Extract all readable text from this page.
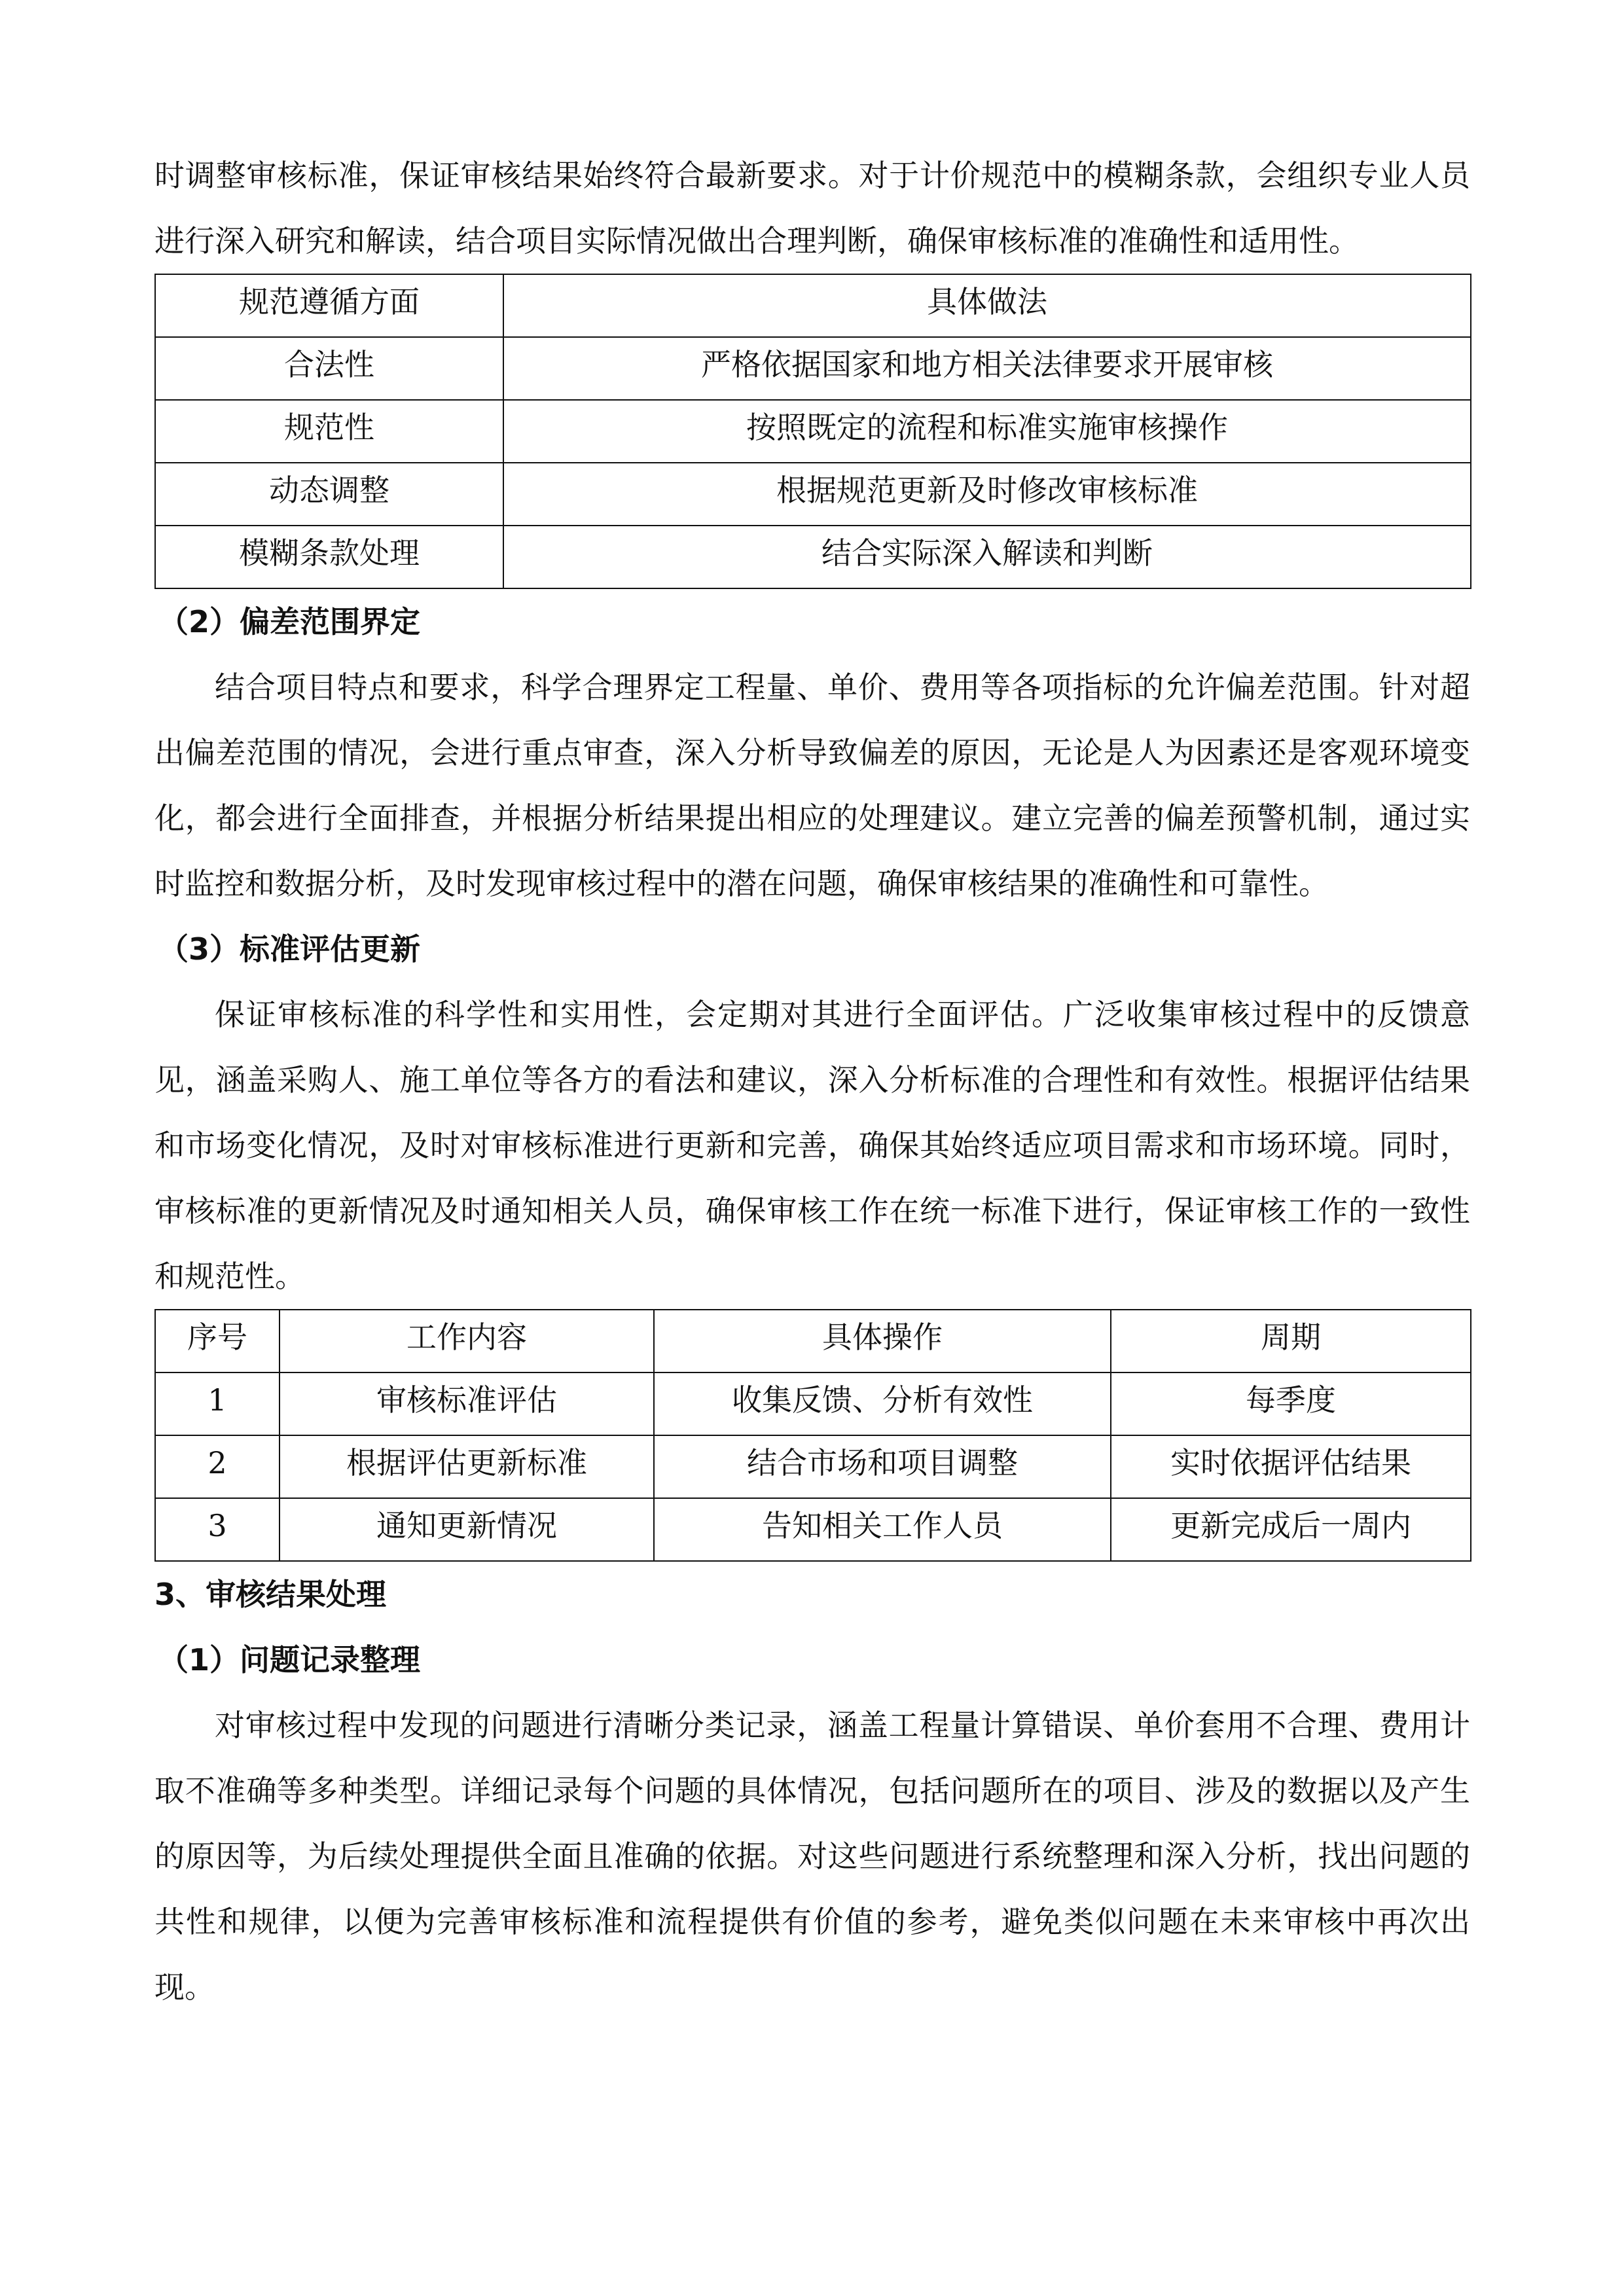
时调整审核标准，保证审核结果始终符合最新要求。对于计价规范中的模糊条款，会组织专业人员进行深入研究和解读，结合项目实际情况做出合理判断，确保审核标准的准确性和适用性。

规范遵循方面	具体做法
合法性	严格依据国家和地方相关法律要求开展审核
规范性	按照既定的流程和标准实施审核操作
动态调整	根据规范更新及时修改审核标准
模糊条款处理	结合实际深入解读和判断
（2）偏差范围界定

结合项目特点和要求，科学合理界定工程量、单价、费用等各项指标的允许偏差范围。针对超出偏差范围的情况，会进行重点审查，深入分析导致偏差的原因，无论是人为因素还是客观环境变化，都会进行全面排查，并根据分析结果提出相应的处理建议。建立完善的偏差预警机制，通过实时监控和数据分析，及时发现审核过程中的潜在问题，确保审核结果的准确性和可靠性。

（3）标准评估更新

保证审核标准的科学性和实用性，会定期对其进行全面评估。广泛收集审核过程中的反馈意见，涵盖采购人、施工单位等各方的看法和建议，深入分析标准的合理性和有效性。根据评估结果和市场变化情况，及时对审核标准进行更新和完善，确保其始终适应项目需求和市场环境。同时，审核标准的更新情况及时通知相关人员，确保审核工作在统一标准下进行，保证审核工作的一致性和规范性。

序号	工作内容	具体操作	周期
1	审核标准评估	收集反馈、分析有效性	每季度
2	根据评估更新标准	结合市场和项目调整	实时依据评估结果
3	通知更新情况	告知相关工作人员	更新完成后一周内
3、审核结果处理
（1）问题记录整理

对审核过程中发现的问题进行清晰分类记录，涵盖工程量计算错误、单价套用不合理、费用计取不准确等多种类型。详细记录每个问题的具体情况，包括问题所在的项目、涉及的数据以及产生的原因等，为后续处理提供全面且准确的依据。对这些问题进行系统整理和深入分析，找出问题的共性和规律，以便为完善审核标准和流程提供有价值的参考，避免类似问题在未来审核中再次出现。
